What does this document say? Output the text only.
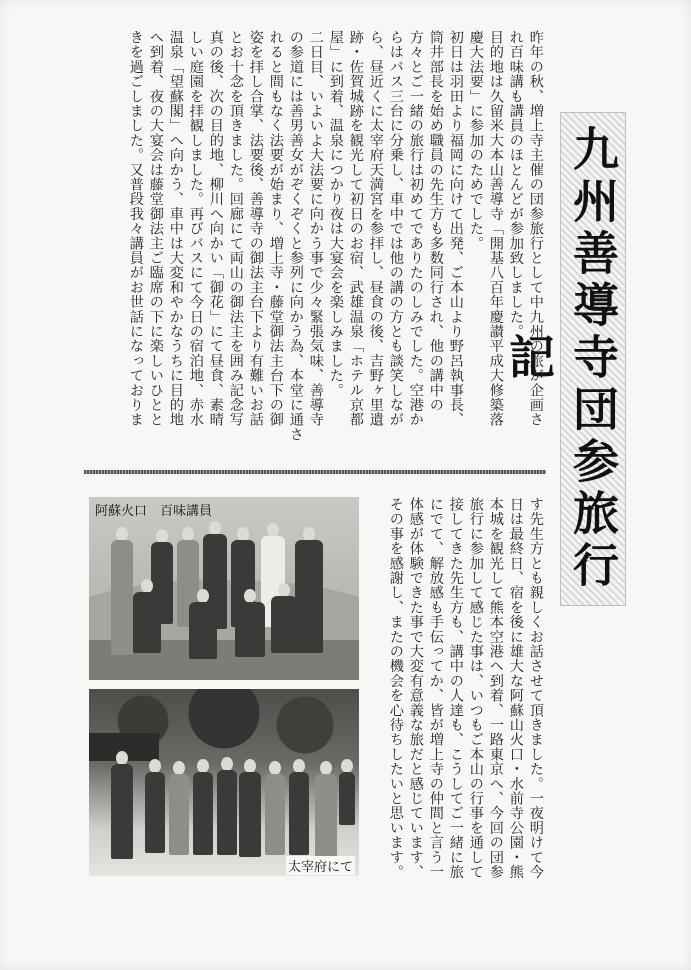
九州善導寺団参旅行記
昨年の秋、増上寺主催の団参旅行として中九州の旅が企画さ
れ百味講も講員のほとんどが参加致しました。
目的地は久留米大本山善導寺「開基八百年慶讃平成大修築落
慶大法要」に参加のためでした。
初日は羽田より福岡に向けて出発、ご本山より野呂執事長、
筒井部長を始め職員の先生方も多数同行され、他の講中の
方々とご一緒の旅行は初めてでありたのしみでした。空港か
らはバス三台に分乗し、車中では他の講の方とも談笑しなが
ら、昼近くに太宰府天満宮を参拝し、昼食の後、吉野ヶ里遺
跡・佐賀城跡を観光して初日のお宿、武雄温泉「ホテル京都
屋」に到着、温泉につかり夜は大宴会を楽しみました。
二日目、いよいよ大法要に向かう事で少々緊張気味、善導寺
の参道には善男善女がぞくぞくと参列に向かう為、本堂に通さ
れると間もなく法要が始まり、増上寺・藤堂御法主台下の御
姿を拝し合掌、法要後、善導寺の御法主台下より有難いお話
とお十念を頂きました。回廊にて両山の御法主を囲み記念写
真の後、次の目的地、柳川へ向かい「御花」にて昼食、素晴
しい庭園を拝観しました。再びバスにて今日の宿泊地、赤水
温泉「望蘇閣」へ向かう、車中は大変和やかなうちに目的地
へ到着、夜の大宴会は藤堂御法主ご臨席の下に楽しいひとと
きを過ごしました。又普段我々講員がお世話になっておりま
す先生方とも親しくお話させて頂きました。一夜明けて今
日は最終日、宿を後に雄大な阿蘇山火口・水前寺公園・熊
本城を観光して熊本空港へ到着、一路東京へ、今回の団参
旅行に参加して感じた事は、いつもご本山の行事を通して
接してきた先生方も、講中の人達も、こうしてご一緒に旅
にでて、解放感も手伝ってか、皆が増上寺の仲間と言う一
体感が体験できた事で大変有意義な旅だと感じています、
その事を感謝し、またの機会を心待ちしたいと思います。
阿蘇火口　百味講員
太宰府にて
